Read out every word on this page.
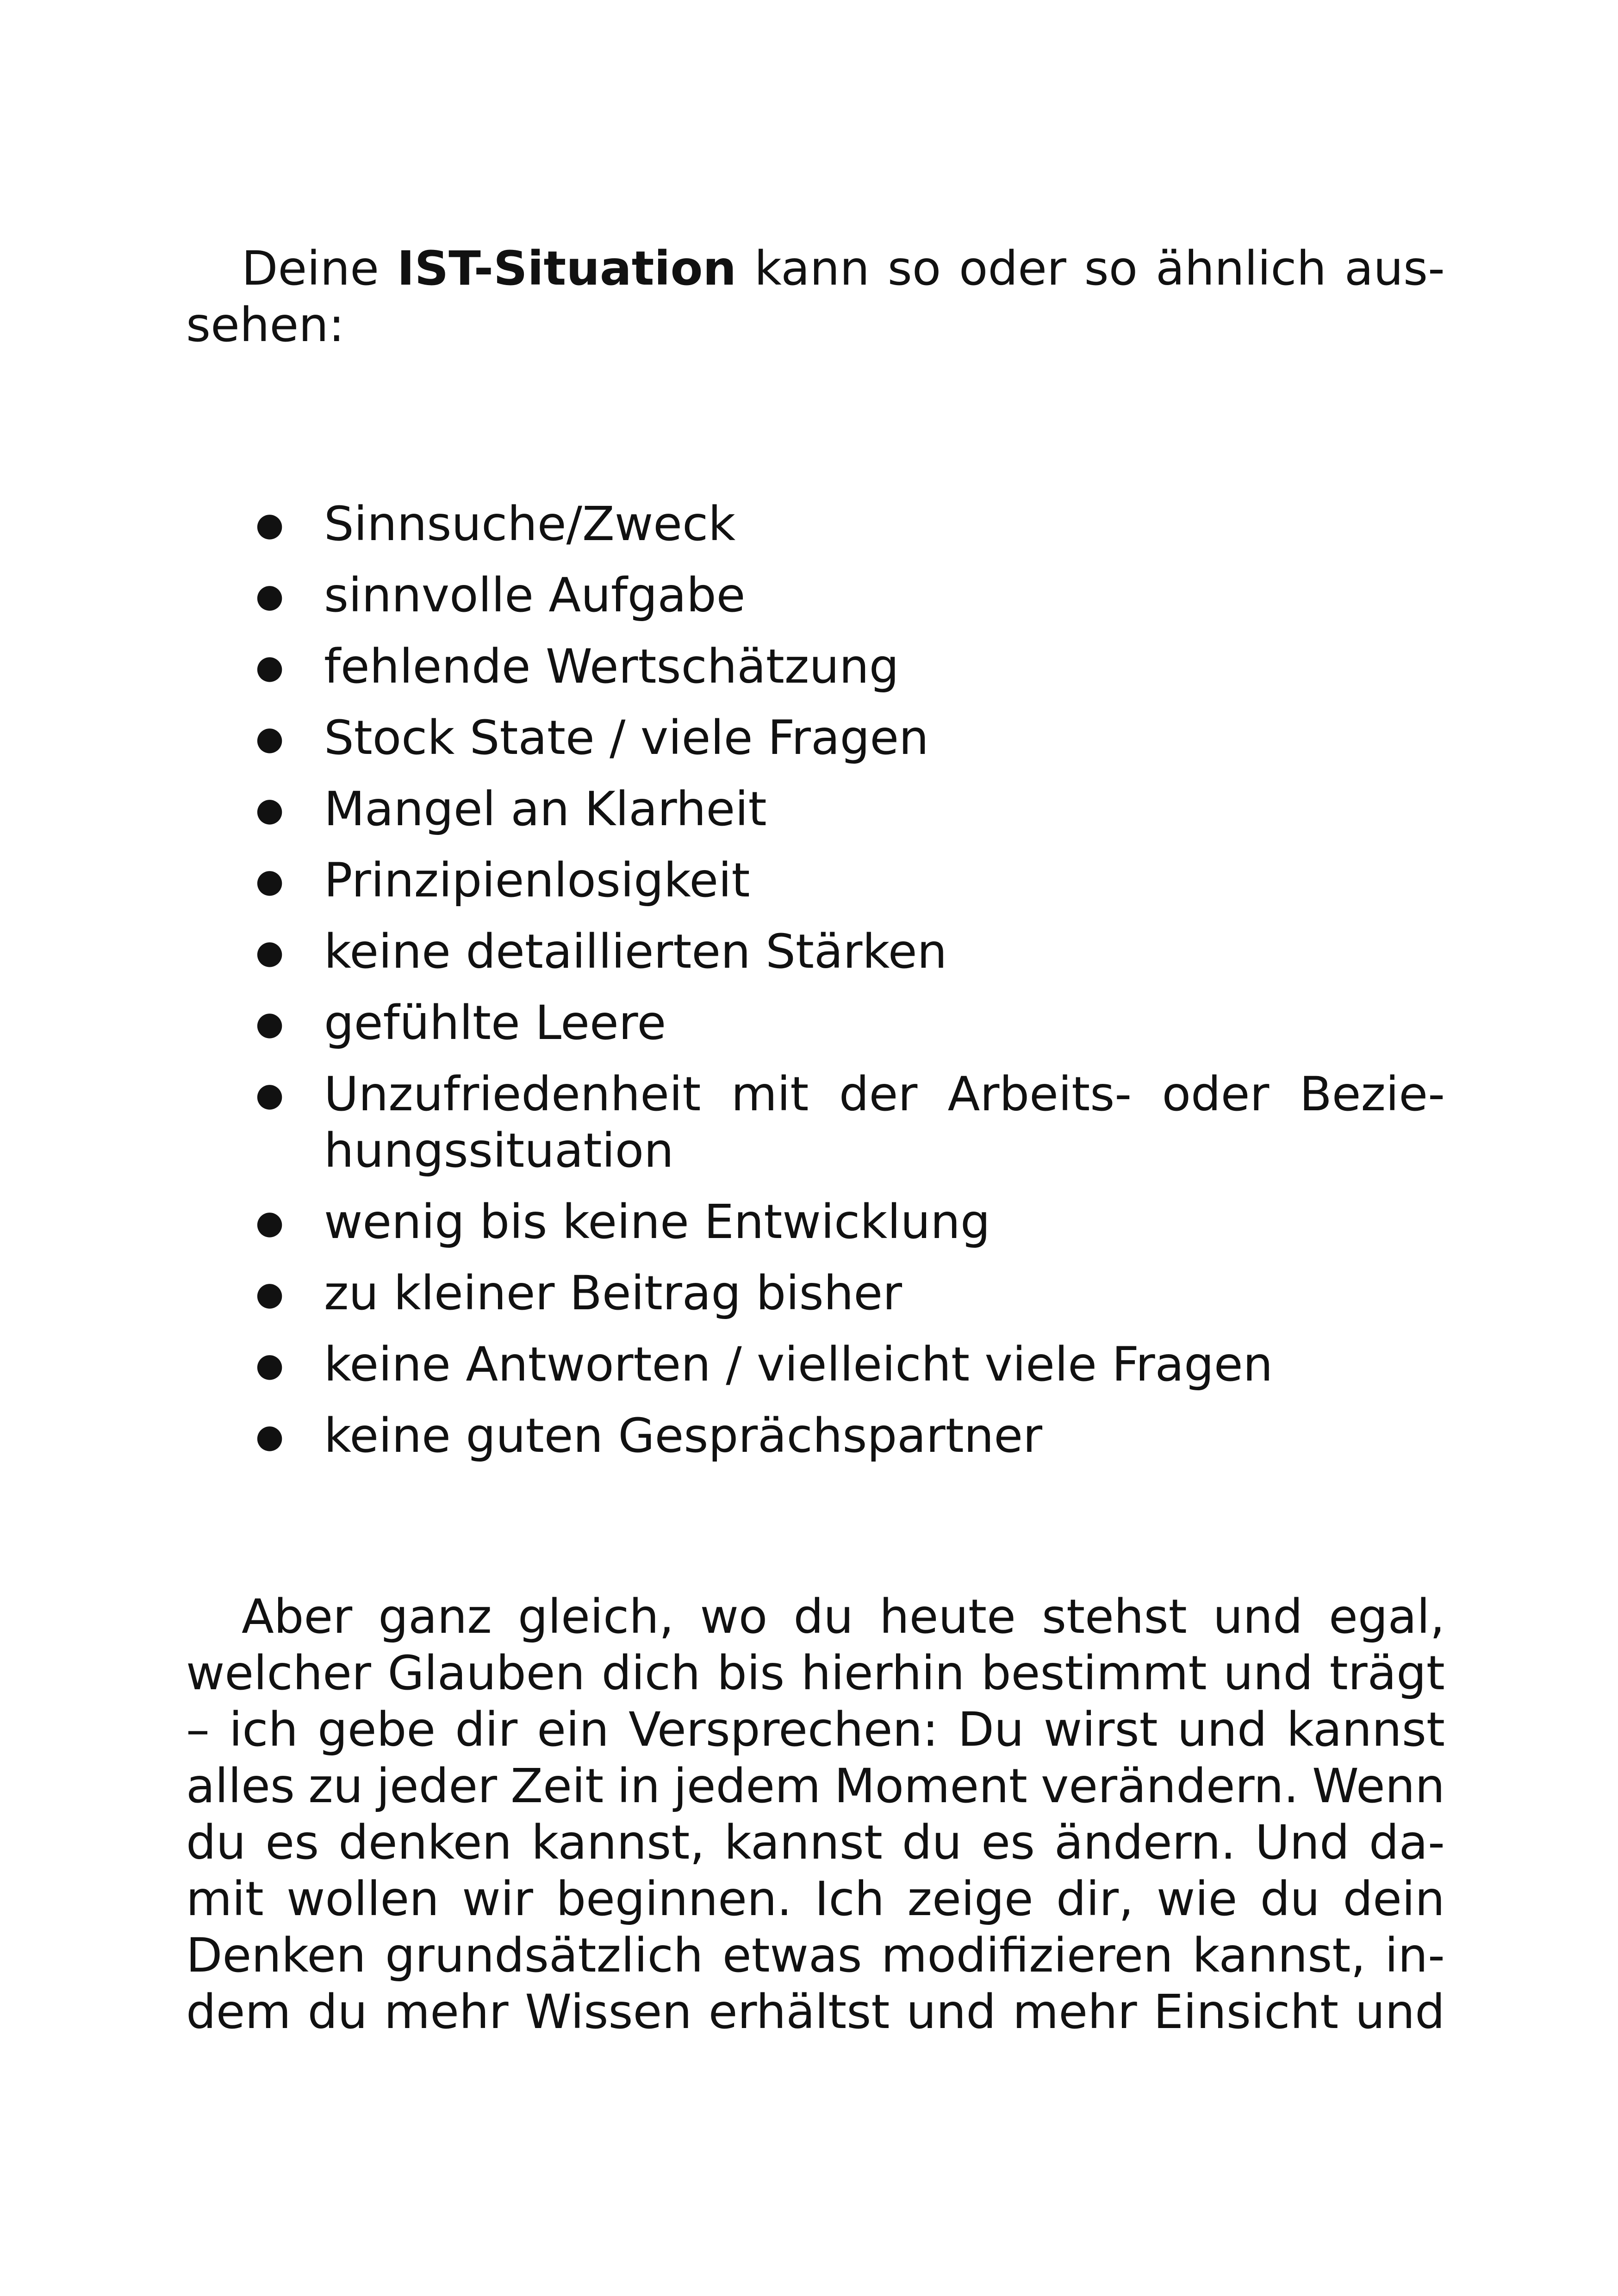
Deine IST-Situation kann so oder so ähnlich aus-
sehen:
● Sinnsuche/Zweck
● sinnvolle Aufgabe
● fehlende Wertschätzung
● Stock State / viele Fragen
● Mangel an Klarheit
● Prinzipienlosigkeit
● keine detaillierten Stärken
● gefühlte Leere
● Unzufriedenheit mit der Arbeits- oder Bezie-
hungssituation
● wenig bis keine Entwicklung
● zu kleiner Beitrag bisher
● keine Antworten / vielleicht viele Fragen
● keine guten Gesprächspartner
Aber ganz gleich, wo du heute stehst und egal,
welcher Glauben dich bis hierhin bestimmt und trägt
– ich gebe dir ein Versprechen: Du wirst und kannst
alles zu jeder Zeit in jedem Moment verändern. Wenn
du es denken kannst, kannst du es ändern. Und da-
mit wollen wir beginnen. Ich zeige dir, wie du dein
Denken grundsätzlich etwas modifizieren kannst, in-
dem du mehr Wissen erhältst und mehr Einsicht und
